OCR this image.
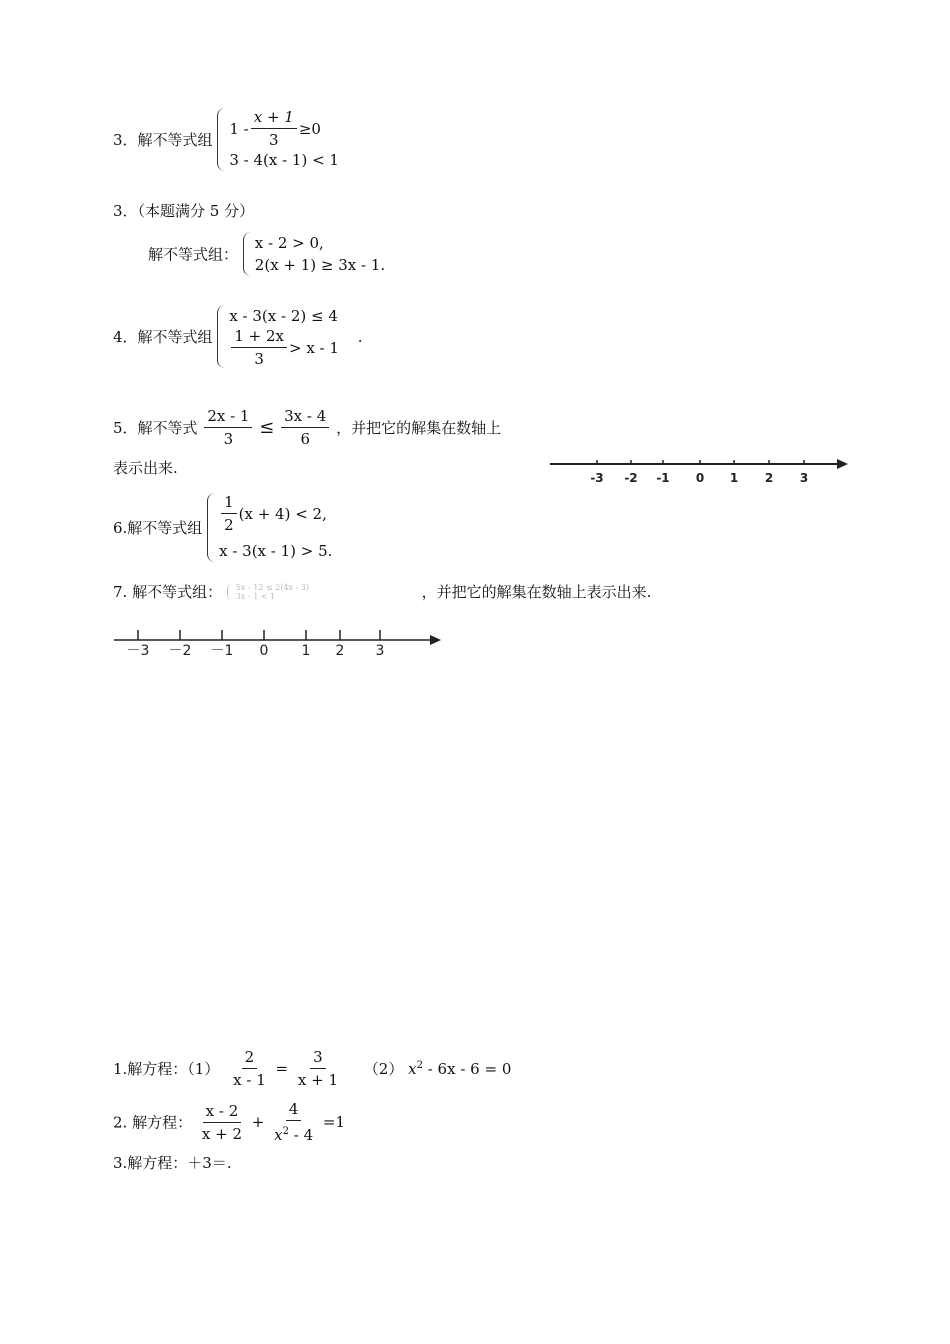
3．解不等式组
$1 - \frac{x + 1}{3} \ge 0$
3 - 4(x - 1) < 1
3．（本题满分 5 分）
解不等式组：
x - 2 > 0,
2(x + 1) ≥ 3x - 1.
4．解不等式组
x - 3(x - 2) ≤ 4
$\frac{1 + 2x}{3} > x - 1$
.
5．解不等式 $\frac{2x - 1}{3} \le \frac{3x - 4}{6}$ ，并把它的解集在数轴上
表示出来.
-3 -2 -1 0 1 2 3
6.解不等式组 $\frac{1}{2} (x + 4) < 2$,
x - 3(x - 1) > 5.
7. 解不等式组： 5x - 12 ≤ 2(4x - 3)
3x - 1 < 1	，并把它的解集在数轴上表示出来.
－3 －2 －1 0 1 2 3
1.解方程：$(1) \frac{2}{x - 1} = \frac{3}{x + 1} (2)$ $x^2 - 6x - 6 = 0$
2. 解方程： $\frac{x - 2}{x + 2} + \frac{4}{x^2 - 4} =1$
3.解方程：＋3＝.
